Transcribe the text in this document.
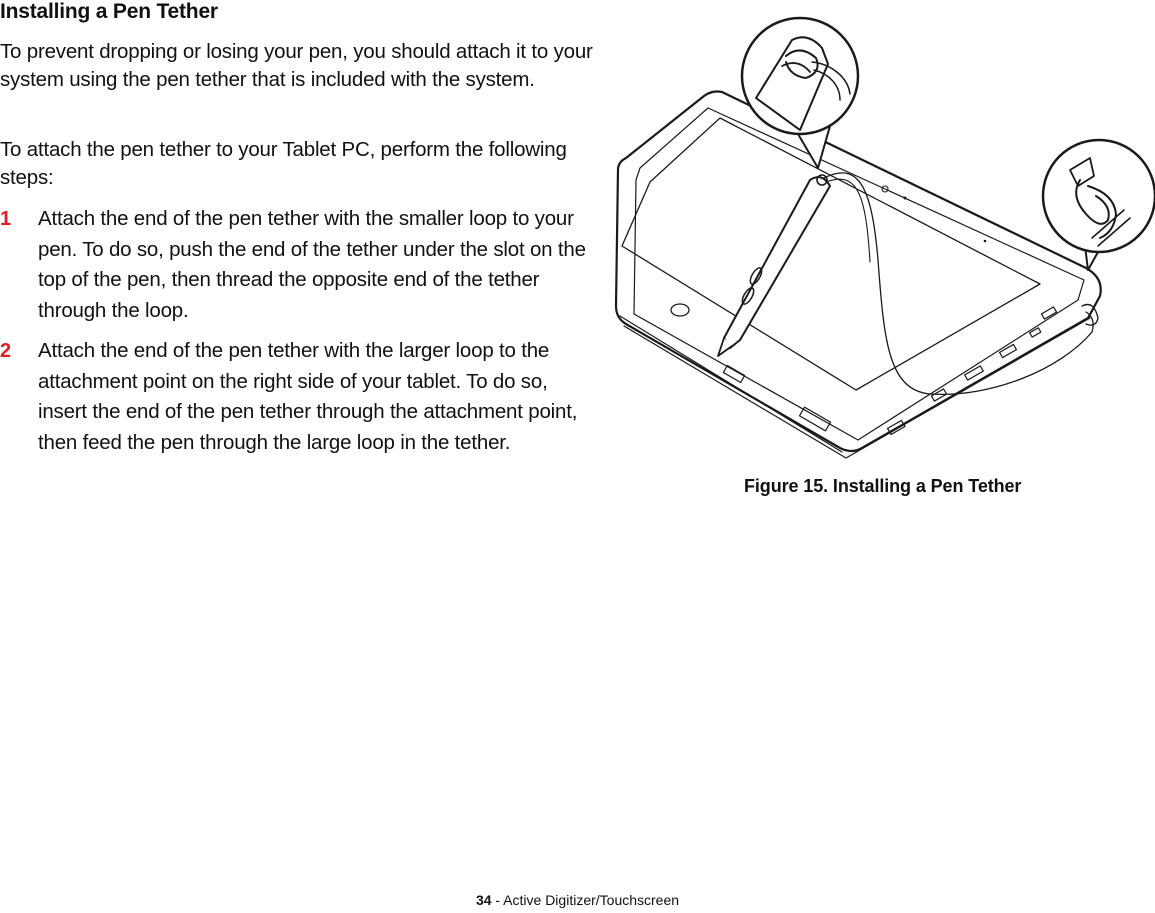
Installing a Pen Tether
To prevent dropping or losing your pen, you should attach it to your system using the pen tether that is included with the system.
To attach the pen tether to your Tablet PC, perform the following steps:
1 Attach the end of the pen tether with the smaller loop to your pen. To do so, push the end of the tether under the slot on the top of the pen, then thread the opposite end of the tether through the loop.
2 Attach the end of the pen tether with the larger loop to the attachment point on the right side of your tablet. To do so, insert the end of the pen tether through the attachment point, then feed the pen through the large loop in the tether.
Figure 15. Installing a Pen Tether
34 - Active Digitizer/Touchscreen
